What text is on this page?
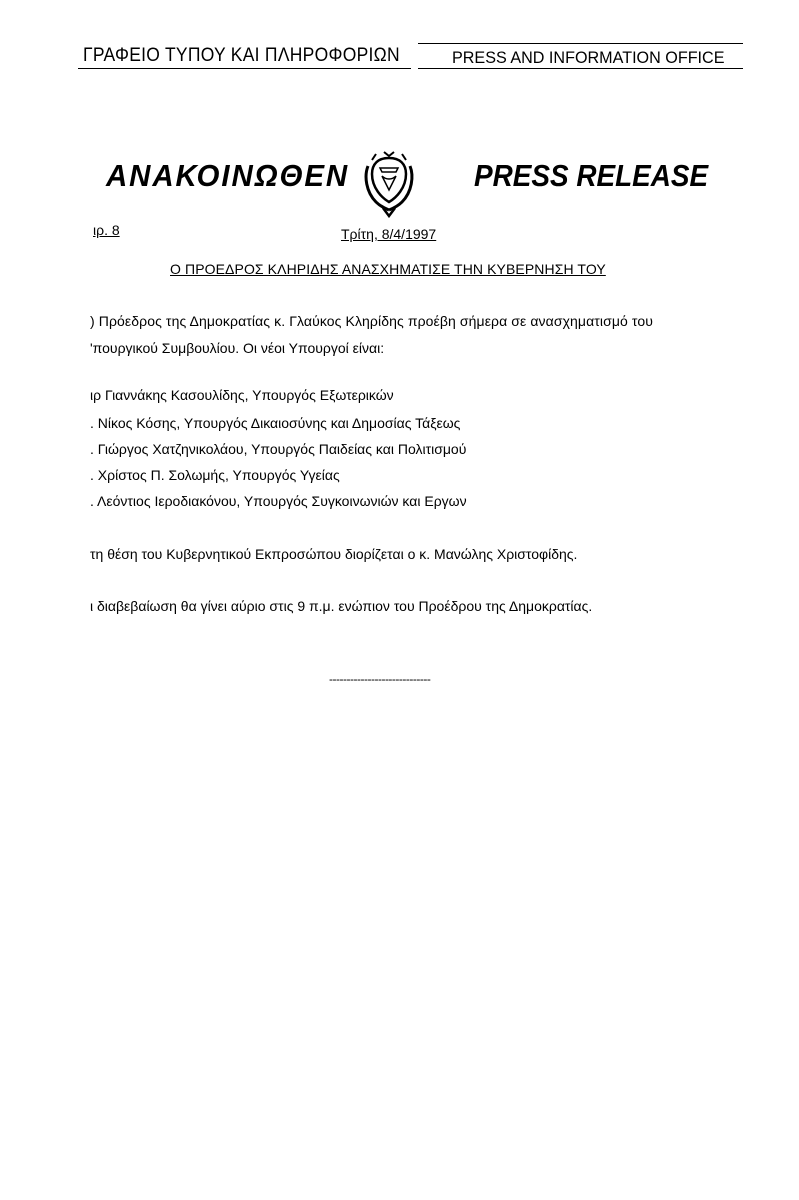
ΓΡΑΦΕΙΟ ΤΥΠΟΥ ΚΑΙ ΠΛΗΡΟΦΟΡΙΩΝ	PRESS AND INFORMATION OFFICE
ΑΝΑΚΟΙΝΩΘΕΝ	PRESS RELEASE
ιρ. 8	Τρίτη, 8/4/1997
Ο ΠΡΟΕΔΡΟΣ ΚΛΗΡΙΔΗΣ ΑΝΑΣΧΗΜΑΤΙΣΕ ΤΗΝ ΚΥΒΕΡΝΗΣΗ ΤΟΥ
) Πρόεδρος της Δημοκρατίας κ. Γλαύκος Κληρίδης προέβη σήμερα σε ανασχηματισμό του
'πουργικού Συμβουλίου. Οι νέοι Υπουργοί είναι:
ιρ Γιαννάκης Κασουλίδης, Υπουργός Εξωτερικών
. Νίκος Κόσης, Υπουργός Δικαιοσύνης και Δημοσίας Τάξεως
. Γιώργος Χατζηνικολάου, Υπουργός Παιδείας και Πολιτισμού
. Χρίστος Π. Σολωμής, Υπουργός Υγείας
. Λεόντιος Ιεροδιακόνου, Υπουργός Συγκοινωνιών και Εργων
τη θέση του Κυβερνητικού Εκπροσώπου διορίζεται ο κ. Μανώλης Χριστοφίδης.
ι διαβεβαίωση θα γίνει αύριο στις 9 π.μ. ενώπιον του Προέδρου της Δημοκρατίας.
-----------------------------
